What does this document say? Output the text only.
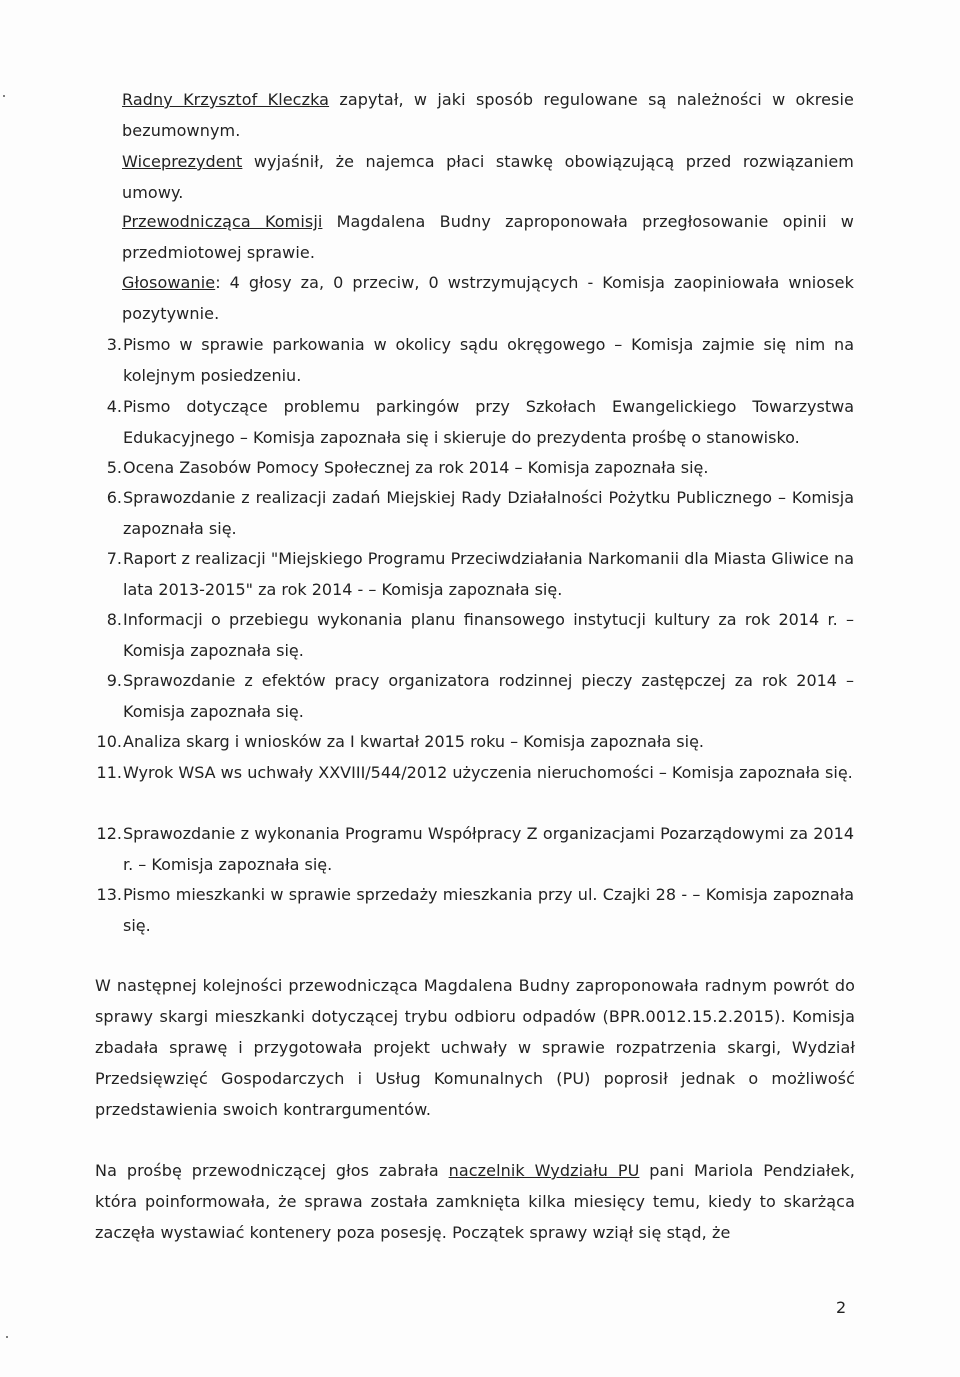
Radny Krzysztof Kleczka zapytał, w jaki sposób regulowane są należności w okresie bezumownym.

Wiceprezydent wyjaśnił, że najemca płaci stawkę obowiązującą przed rozwiązaniem umowy.

Przewodnicząca Komisji Magdalena Budny zaproponowała przegłosowanie opinii w przedmiotowej sprawie.

Głosowanie: 4 głosy za, 0 przeciw, 0 wstrzymujących - Komisja zaopiniowała wniosek pozytywnie.

3. Pismo w sprawie parkowania w okolicy sądu okręgowego – Komisja zajmie się nim na kolejnym posiedzeniu.
4. Pismo dotyczące problemu parkingów przy Szkołach Ewangelickiego Towarzystwa Edukacyjnego – Komisja zapoznała się i skieruje do prezydenta prośbę o stanowisko.
5. Ocena Zasobów Pomocy Społecznej za rok 2014 – Komisja zapoznała się.
6. Sprawozdanie z realizacji zadań Miejskiej Rady Działalności Pożytku Publicznego – Komisja zapoznała się.
7. Raport z realizacji "Miejskiego Programu Przeciwdziałania Narkomanii dla Miasta Gliwice na lata 2013-2015" za rok 2014 - – Komisja zapoznała się.
8. Informacji o przebiegu wykonania planu finansowego instytucji kultury za rok 2014 r. – Komisja zapoznała się.
9. Sprawozdanie z efektów pracy organizatora rodzinnej pieczy zastępczej za rok 2014 – Komisja zapoznała się.
10. Analiza skarg i wniosków za I kwartał 2015 roku – Komisja zapoznała się.
11. Wyrok WSA ws uchwały XXVIII/544/2012 użyczenia nieruchomości – Komisja zapoznała się.
12. Sprawozdanie z wykonania Programu Współpracy Z organizacjami Pozarządowymi za 2014 r. – Komisja zapoznała się.
13. Pismo mieszkanki w sprawie sprzedaży mieszkania przy ul. Czajki 28 - – Komisja zapoznała się.

W następnej kolejności przewodnicząca Magdalena Budny zaproponowała radnym powrót do sprawy skargi mieszkanki dotyczącej trybu odbioru odpadów (BPR.0012.15.2.2015). Komisja zbadała sprawę i przygotowała projekt uchwały w sprawie rozpatrzenia skargi, Wydział Przedsięwzięć Gospodarczych i Usług Komunalnych (PU) poprosił jednak o możliwość przedstawienia swoich kontrargumentów.

Na prośbę przewodniczącej głos zabrała naczelnik Wydziału PU pani Mariola Pendziałek, która poinformowała, że sprawa została zamknięta kilka miesięcy temu, kiedy to skarżąca zaczęła wystawiać kontenery poza posesję. Początek sprawy wziął się stąd, że

2
